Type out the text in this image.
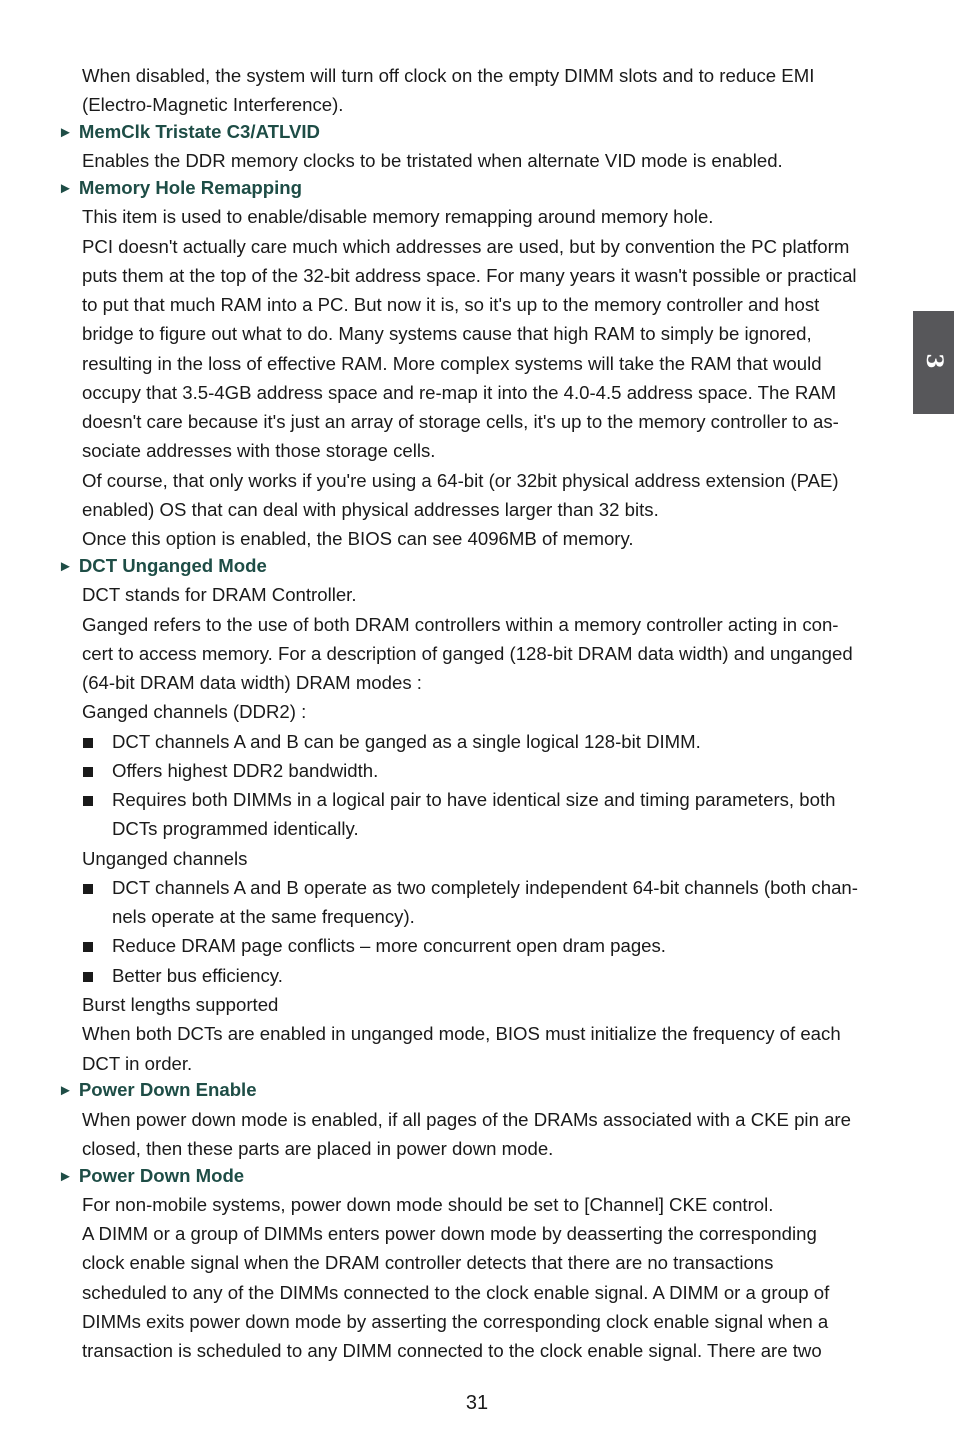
When disabled, the system will turn off clock on the empty DIMM slots and to reduce EMI
(Electro-Magnetic Interference).
► MemClk Tristate C3/ATLVID
Enables the DDR memory clocks to be tristated when alternate VID mode is enabled.
► Memory Hole Remapping
This item is used to enable/disable memory remapping around memory hole.
PCI doesn't actually care much which addresses are used, but by convention the PC platform
puts them at the top of the 32-bit address space. For many years it wasn't possible or practical
to put that much RAM into a PC. But now it is, so it's up to the memory controller and host
bridge to figure out what to do. Many systems cause that high RAM to simply be ignored,
resulting in the loss of effective RAM. More complex systems will take the RAM that would
occupy that 3.5-4GB address space and re-map it into the 4.0-4.5 address space. The RAM
doesn't care because it's just an array of storage cells, it's up to the memory controller to as-
sociate addresses with those storage cells.
Of course, that only works if you're using a 64-bit (or 32bit physical address extension (PAE)
enabled) OS that can deal with physical addresses larger than 32 bits.
Once this option is enabled, the BIOS can see 4096MB of memory.
► DCT Unganged Mode
DCT stands for DRAM Controller.
Ganged refers to the use of both DRAM controllers within a memory controller acting in con-
cert to access memory. For a description of ganged (128-bit DRAM data width) and unganged
(64-bit DRAM data width) DRAM modes :
Ganged channels (DDR2) :
DCT channels A and B can be ganged as a single logical 128-bit DIMM.
Offers highest DDR2 bandwidth.
Requires both DIMMs in a logical pair to have identical size and timing parameters, both
DCTs programmed identically.
Unganged channels
DCT channels A and B operate as two completely independent 64-bit channels (both chan-
nels operate at the same frequency).
Reduce DRAM page conflicts – more concurrent open dram pages.
Better bus efficiency.
Burst lengths supported
When both DCTs are enabled in unganged mode, BIOS must initialize the frequency of each
DCT in order.
► Power Down Enable
When power down mode is enabled, if all pages of the DRAMs associated with a CKE pin are
closed, then these parts are placed in power down mode.
► Power Down Mode
For non-mobile systems, power down mode should be set to [Channel] CKE control.
A DIMM or a group of DIMMs enters power down mode by deasserting the corresponding
clock enable signal when the DRAM controller detects that there are no transactions
scheduled to any of the DIMMs connected to the clock enable signal. A DIMM or a group of
DIMMs exits power down mode by asserting the corresponding clock enable signal when a
transaction is scheduled to any DIMM connected to the clock enable signal. There are two
3
31
